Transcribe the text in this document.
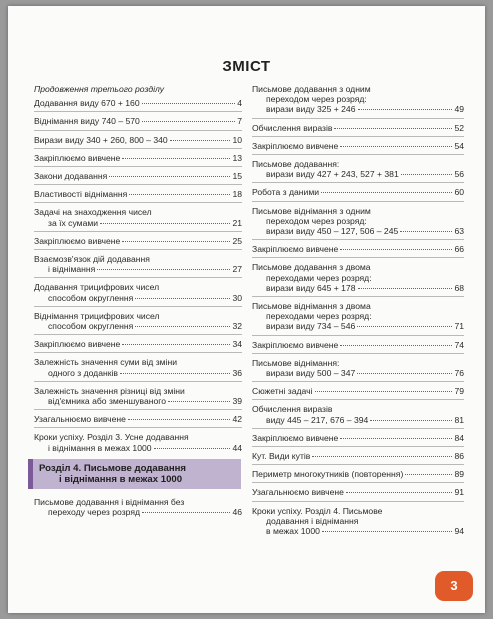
ЗМІСТ
Продовження третього розділу
Додавання виду 670 + 160	4
Віднімання виду 740 – 570	7
Вирази виду 340 + 260, 800 – 340	10
Закріплюємо вивчене	13
Закони додавання	15
Властивості віднімання	18
Задачі на знаходження чисел
за їх сумами	21
Закріплюємо вивчене	25
Взаємозв'язок дій додавання
і віднімання	27
Додавання трицифрових чисел
способом округлення	30
Віднімання трицифрових чисел
способом округлення	32
Закріплюємо вивчене	34
Залежність значення суми від зміни
одного з доданків	36
Залежність значення різниці від зміни
від'ємника або зменшуваного	39
Узагальнюємо вивчене	42
Кроки успіху. Розділ 3. Усне додавання
і віднімання в межах 1000	44
Розділ 4. Письмове додавання
і віднімання в межах 1000
Письмове додавання і віднімання без
переходу через розряд	46
Письмове додавання з одним
переходом через розряд:
вирази виду 325 + 246	49
Обчислення виразів	52
Закріплюємо вивчене	54
Письмове додавання:
вирази виду 427 + 243, 527 + 381	56
Робота з даними	60
Письмове віднімання з одним
переходом через розряд:
вирази виду 450 – 127, 506 – 245	63
Закріплюємо вивчене	66
Письмове додавання з двома
переходами через розряд:
вирази виду 645 + 178	68
Письмове віднімання з двома
переходами через розряд:
вирази виду 734 – 546	71
Закріплюємо вивчене	74
Письмове віднімання:
вирази виду 500 – 347	76
Сюжетні задачі	79
Обчислення виразів
виду 445 – 217, 676 – 394	81
Закріплюємо вивчене	84
Кут. Види кутів	86
Периметр многокутників (повторення)	89
Узагальнюємо вивчене	91
Кроки успіху. Розділ 4. Письмове
додавання і віднімання
в межах 1000	94
3
